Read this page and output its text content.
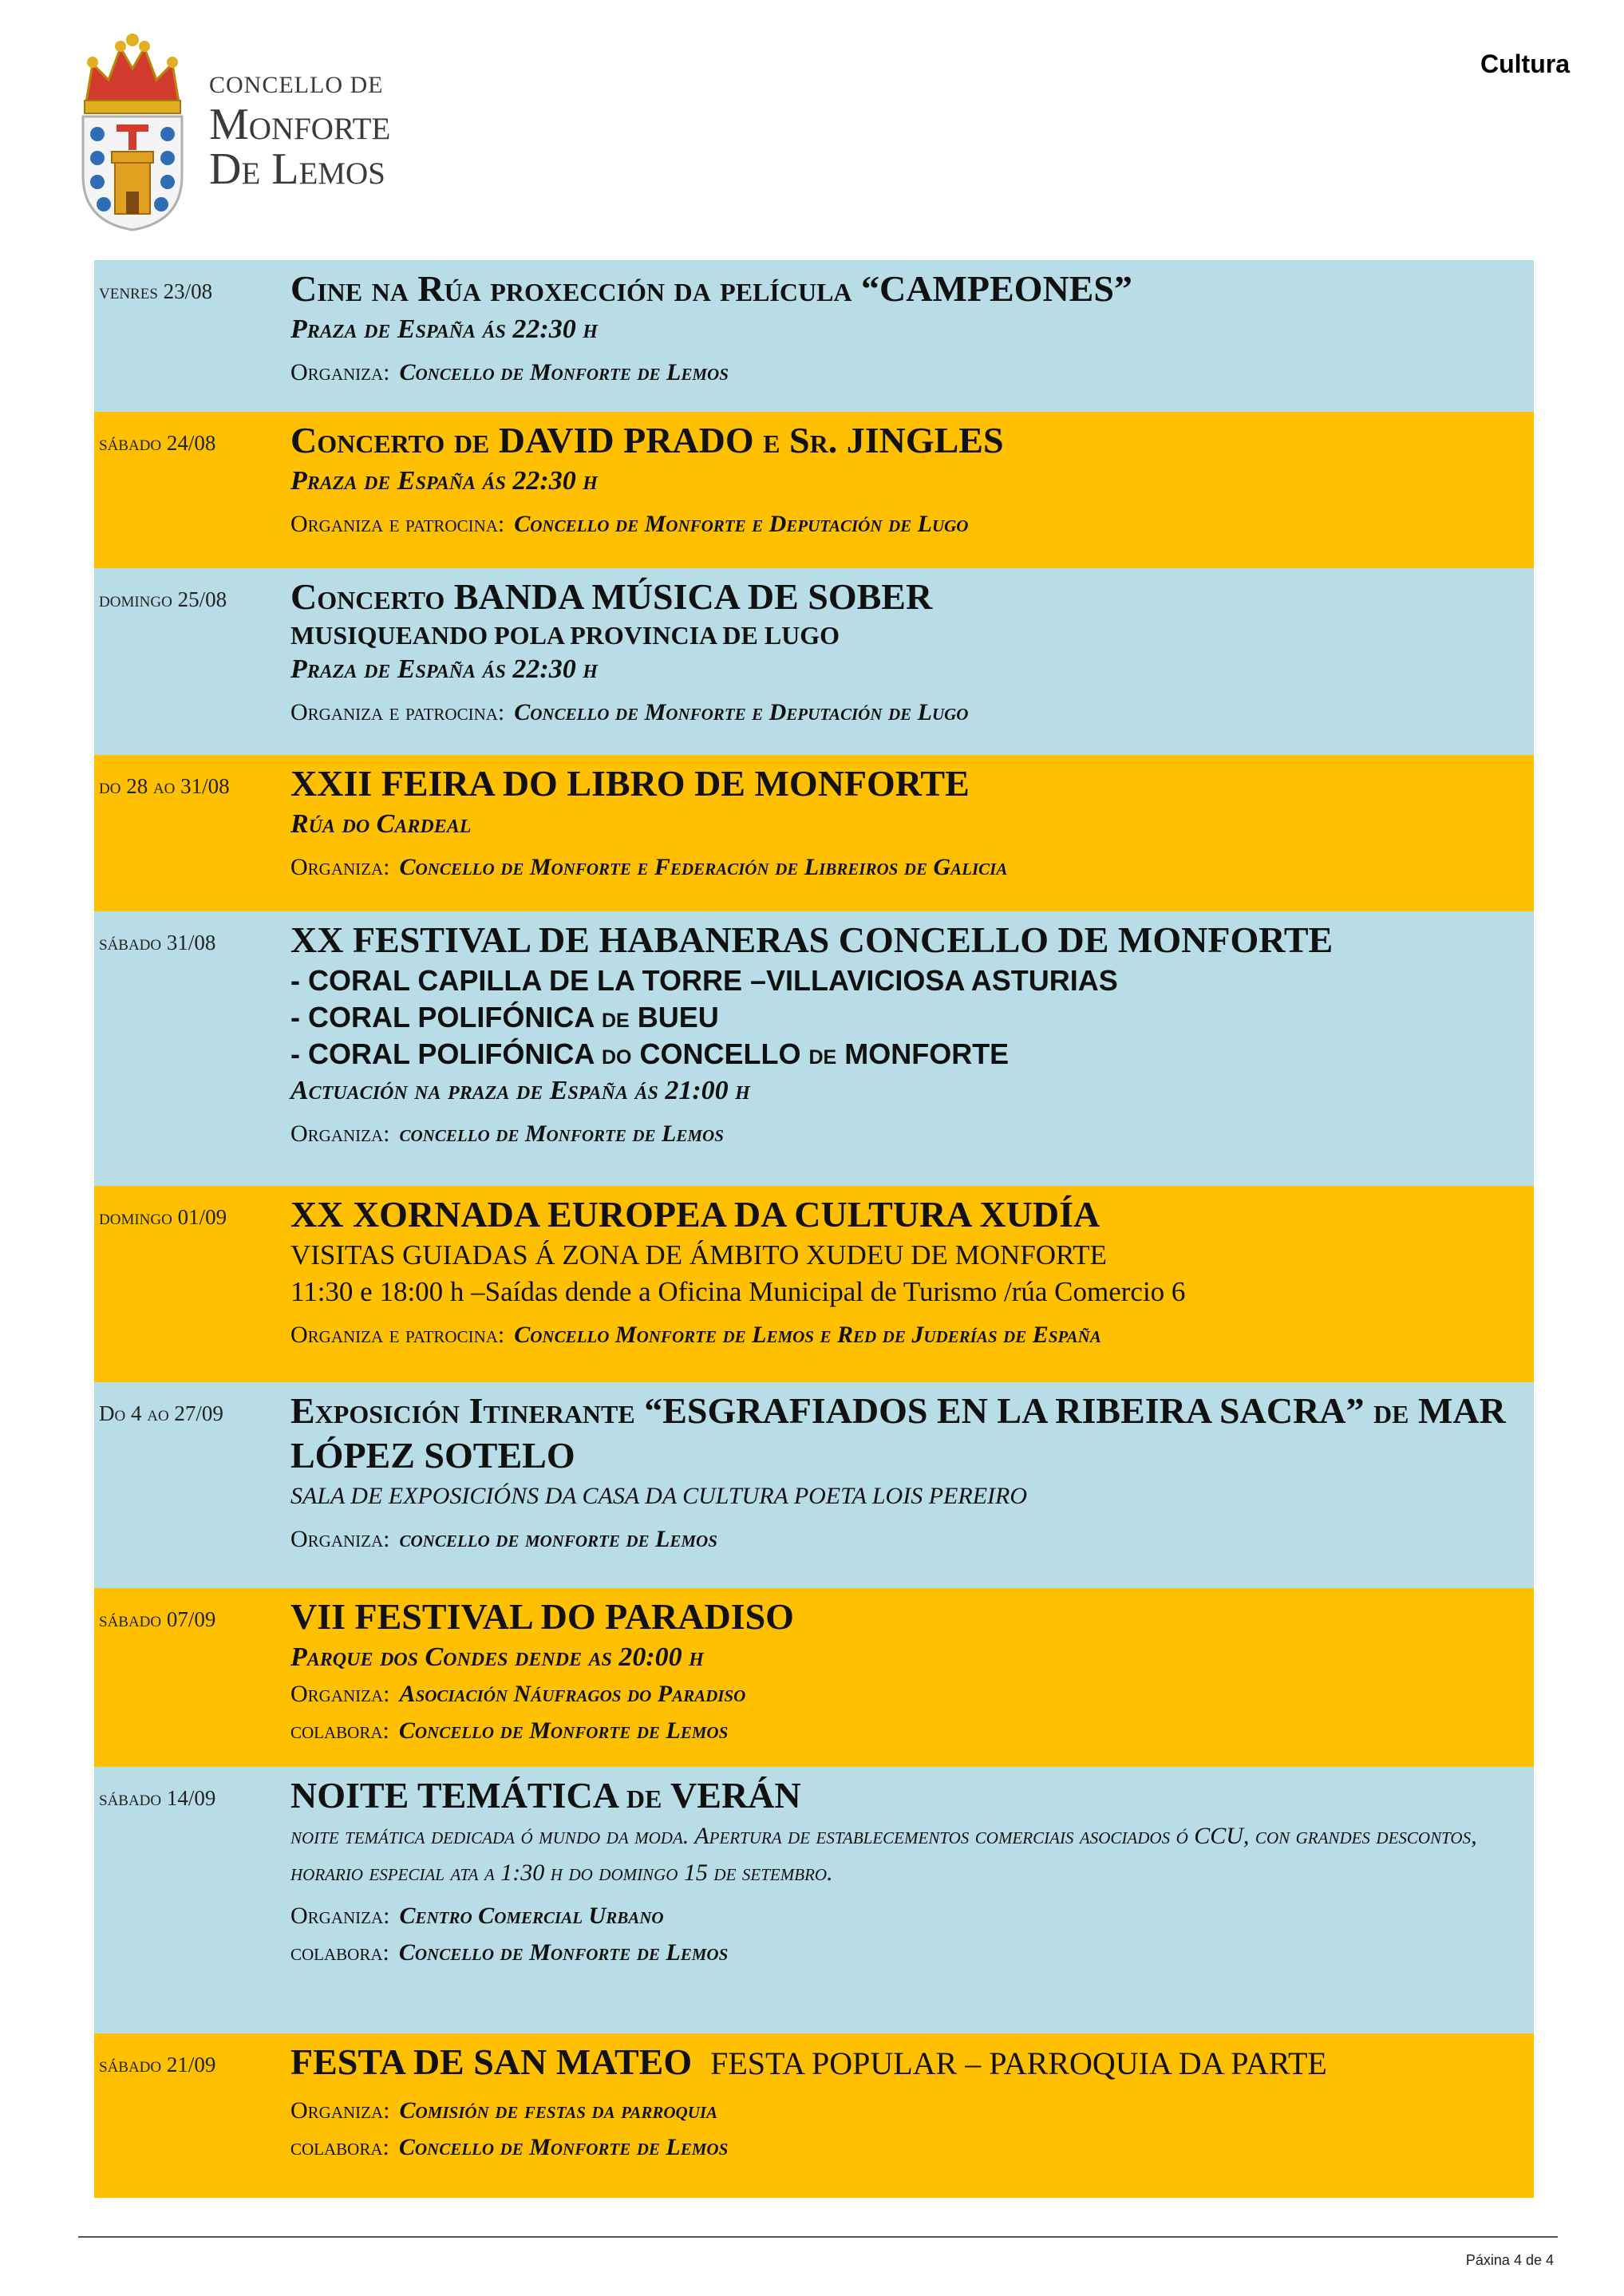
CONCELLO DE
Monforte
De Lemos
Cultura
venres 23/08	Cine na Rúa proxección da película “CAMPEONES”
Praza de España ás 22:30 h
Organiza: Concello de Monforte de Lemos
sábado 24/08	Concerto de DAVID PRADO e Sr. JINGLES
Praza de España ás 22:30 h
Organiza e patrocina: Concello de Monforte e Deputación de Lugo
domingo 25/08	Concerto BANDA MÚSICA DE SOBER
MUSIQUEANDO POLA PROVINCIA DE LUGO
Praza de España ás 22:30 h
Organiza e patrocina: Concello de Monforte e Deputación de Lugo
do 28 ao 31/08	XXII FEIRA DO LIBRO DE MONFORTE
Rúa do Cardeal
Organiza: Concello de Monforte e Federación de Libreiros de Galicia
sábado 31/08	XX FESTIVAL DE HABANERAS CONCELLO DE MONFORTE
- CORAL CAPILLA DE LA TORRE –VILLAVICIOSA ASTURIAS
- CORAL POLIFÓNICA de BUEU
- CORAL POLIFÓNICA do CONCELLO de MONFORTE
Actuación na praza de España ás 21:00 h
Organiza: concello de Monforte de Lemos
domingo 01/09	XX XORNADA EUROPEA DA CULTURA XUDÍA
VISITAS GUIADAS Á ZONA DE ÁMBITO XUDEU DE MONFORTE
11:30 e 18:00 h –Saídas dende a Oficina Municipal de Turismo /rúa Comercio 6
Organiza e patrocina: Concello Monforte de Lemos e Red de Juderías de España
Do 4 ao 27/09	Exposición Itinerante “ESGRAFIADOS EN LA RIBEIRA SACRA” de MAR LÓPEZ SOTELO
SALA DE EXPOSICIÓNS DA CASA DA CULTURA POETA LOIS PEREIRO
Organiza: concello de monforte de Lemos
sábado 07/09	VII FESTIVAL DO PARADISO
Parque dos Condes dende as 20:00 h
Organiza: Asociación Náufragos do Paradiso
colabora: Concello de Monforte de Lemos
sábado 14/09	NOITE TEMÁTICA de VERÁN
noite temática dedicada ó mundo da moda. Apertura de establecementos comerciais asociados ó CCU, con grandes descontos, horario especial ata a 1:30 h do domingo 15 de setembro.
Organiza: Centro Comercial Urbano
colabora: Concello de Monforte de Lemos
sábado 21/09	FESTA DE SAN MATEO FESTA POPULAR – PARROQUIA DA PARTE
Organiza: Comisión de festas da parroquia
colabora: Concello de Monforte de Lemos
Páxina 4 de 4
